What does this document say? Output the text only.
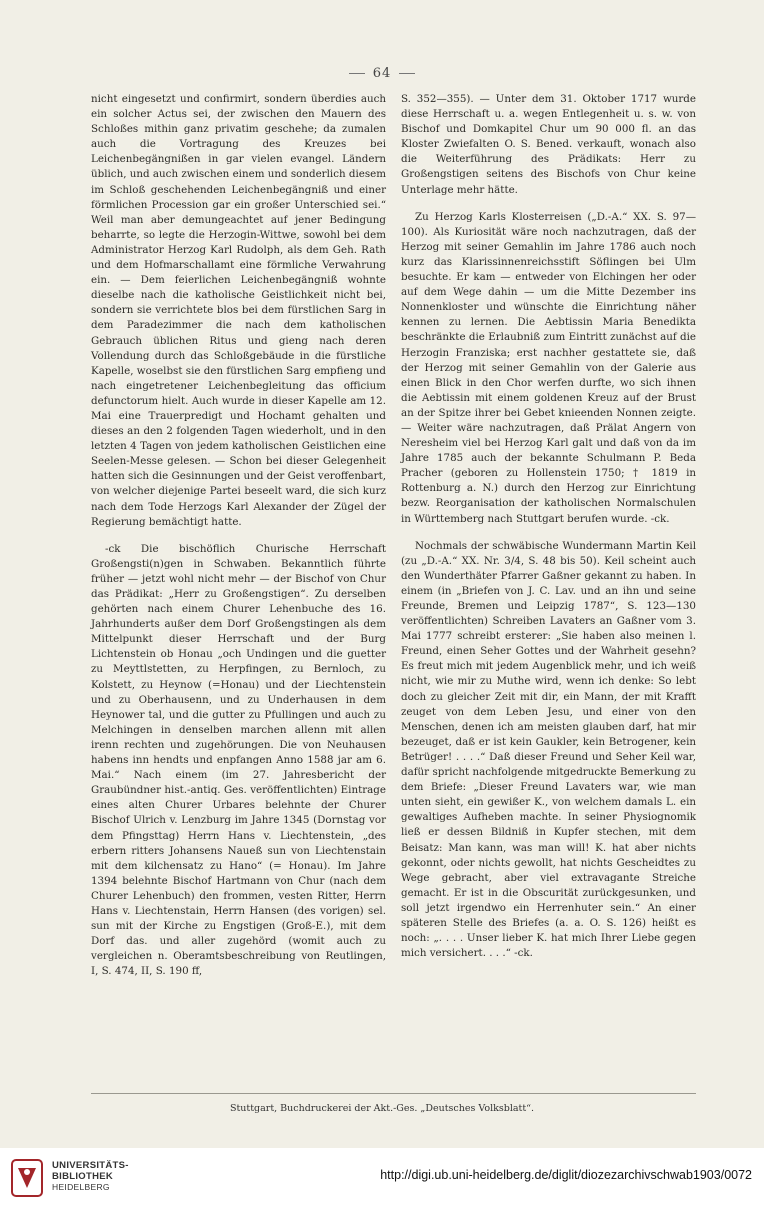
64

nicht eingesetzt und confirmirt, sondern überdies auch ein solcher Actus sei, der zwischen den Mauern des Schloßes mithin ganz privatim geschehe; da zumalen auch die Vortragung des Kreuzes bei Leichenbegängnißen in gar vielen evangel. Ländern üblich, und auch zwischen einem und sonderlich diesem im Schloß geschehenden Leichenbegängniß und einer förmlichen Procession gar ein großer Unterschied sei.“ Weil man aber demungeachtet auf jener Bedingung beharrte, so legte die Herzogin-Wittwe, sowohl bei dem Administrator Herzog Karl Rudolph, als dem Geh. Rath und dem Hofmarschallamt eine förmliche Verwahrung ein. — Dem feierlichen Leichenbegängniß wohnte dieselbe nach die katholische Geistlichkeit nicht bei, sondern sie verrichtete blos bei dem fürstlichen Sarg in dem Paradezimmer die nach dem katholischen Gebrauch üblichen Ritus und gieng nach deren Vollendung durch das Schloßgebäude in die fürstliche Kapelle, woselbst sie den fürstlichen Sarg empfieng und nach eingetretener Leichenbegleitung das officium defunctorum hielt. Auch wurde in dieser Kapelle am 12. Mai eine Trauerpredigt und Hochamt gehalten und dieses an den 2 folgenden Tagen wiederholt, und in den letzten 4 Tagen von jedem katholischen Geistlichen eine Seelen-Messe gelesen. — Schon bei dieser Gelegenheit hatten sich die Gesinnungen und der Geist veroffenbart, von welcher diejenige Partei beseelt ward, die sich kurz nach dem Tode Herzogs Karl Alexander der Zügel der Regierung bemächtigt hatte.

-ck Die bischöflich Churische Herrschaft Großengsti(n)gen in Schwaben. Bekanntlich führte früher — jetzt wohl nicht mehr — der Bischof von Chur das Prädikat: „Herr zu Großengstigen“. Zu derselben gehörten nach einem Churer Lehenbuche des 16. Jahrhunderts außer dem Dorf Großengstingen als dem Mittelpunkt dieser Herrschaft und der Burg Lichtenstein ob Honau „och Undingen und die guetter zu Meyttlstetten, zu Herpfingen, zu Bernloch, zu Kolstett, zu Heynow (=Honau) und der Liechtenstein und zu Oberhausenn, und zu Underhausen in dem Heynower tal, und die gutter zu Pfullingen und auch zu Melchingen in denselben marchen allenn mit allen irenn rechten und zugehörungen. Die von Neuhausen habens inn hendts und enpfangen Anno 1588 jar am 6. Mai.“ Nach einem (im 27. Jahresbericht der Graubündner hist.-antiq. Ges. veröffentlichten) Eintrage eines alten Churer Urbares belehnte der Churer Bischof Ulrich v. Lenzburg im Jahre 1345 (Dornstag vor dem Pfingsttag) Herrn Hans v. Liechtenstein, „des erbern ritters Johansens Naueß sun von Liechtenstain mit dem kilchensatz zu Hano“ (= Honau). Im Jahre 1394 belehnte Bischof Hartmann von Chur (nach dem Churer Lehenbuch) den frommen, vesten Ritter, Herrn Hans v. Liechtenstain, Herrn Hansen (des vorigen) sel. sun mit der Kirche zu Engstigen (Groß-E.), mit dem Dorf das. und aller zugehörd (womit auch zu vergleichen n. Oberamtsbeschreibung von Reutlingen, I, S. 474, II, S. 190 ff,

S. 352—355). — Unter dem 31. Oktober 1717 wurde diese Herrschaft u. a. wegen Entlegenheit u. s. w. von Bischof und Domkapitel Chur um 90 000 fl. an das Kloster Zwiefalten O. S. Bened. verkauft, wonach also die Weiterführung des Prädikats: Herr zu Großengstigen seitens des Bischofs von Chur keine Unterlage mehr hätte.

Zu Herzog Karls Klosterreisen („D.-A.“ XX. S. 97—100). Als Kuriosität wäre noch nachzutragen, daß der Herzog mit seiner Gemahlin im Jahre 1786 auch noch kurz das Klarissinnenreichsstift Söflingen bei Ulm besuchte. Er kam — entweder von Elchingen her oder auf dem Wege dahin — um die Mitte Dezember ins Nonnenkloster und wünschte die Einrichtung näher kennen zu lernen. Die Aebtissin Maria Benedikta beschränkte die Erlaubniß zum Eintritt zunächst auf die Herzogin Franziska; erst nachher gestattete sie, daß der Herzog mit seiner Gemahlin von der Galerie aus einen Blick in den Chor werfen durfte, wo sich ihnen die Aebtissin mit einem goldenen Kreuz auf der Brust an der Spitze ihrer bei Gebet knieenden Nonnen zeigte. — Weiter wäre nachzutragen, daß Prälat Angern von Neresheim viel bei Herzog Karl galt und daß von da im Jahre 1785 auch der bekannte Schulmann P. Beda Pracher (geboren zu Hollenstein 1750; † 1819 in Rottenburg a. N.) durch den Herzog zur Einrichtung bezw. Reorganisation der katholischen Normalschulen in Württemberg nach Stuttgart berufen wurde. -ck.

Nochmals der schwäbische Wundermann Martin Keil (zu „D.-A.“ XX. Nr. 3/4, S. 48 bis 50). Keil scheint auch den Wunderthäter Pfarrer Gaßner gekannt zu haben. In einem (in „Briefen von J. C. Lav. und an ihn und seine Freunde, Bremen und Leipzig 1787“, S. 123—130 veröffentlichten) Schreiben Lavaters an Gaßner vom 3. Mai 1777 schreibt ersterer: „Sie haben also meinen l. Freund, einen Seher Gottes und der Wahrheit gesehn? Es freut mich mit jedem Augenblick mehr, und ich weiß nicht, wie mir zu Muthe wird, wenn ich denke: So lebt doch zu gleicher Zeit mit dir, ein Mann, der mit Krafft zeuget von dem Leben Jesu, und einer von den Menschen, denen ich am meisten glauben darf, hat mir bezeuget, daß er ist kein Gaukler, kein Betrogener, kein Betrüger! . . . .“ Daß dieser Freund und Seher Keil war, dafür spricht nachfolgende mitgedruckte Bemerkung zu dem Briefe: „Dieser Freund Lavaters war, wie man unten sieht, ein gewißer K., von welchem damals L. ein gewaltiges Aufheben machte. In seiner Physiognomik ließ er dessen Bildniß in Kupfer stechen, mit dem Beisatz: Man kann, was man will! K. hat aber nichts gekonnt, oder nichts gewollt, hat nichts Gescheidtes zu Wege gebracht, aber viel extravagante Streiche gemacht. Er ist in die Obscurität zurückgesunken, und soll jetzt irgendwo ein Herrenhuter sein.“ An einer späteren Stelle des Briefes (a. a. O. S. 126) heißt es noch: „. . . . Unser lieber K. hat mich Ihrer Liebe gegen mich versichert. . . .“ -ck.

Stuttgart, Buchdruckerei der Akt.-Ges. „Deutsches Volksblatt“.
UNIVERSITÄTS-
BIBLIOTHEK
HEIDELBERG
http://digi.ub.uni-heidelberg.de/diglit/diozezarchivschwab1903/0072
